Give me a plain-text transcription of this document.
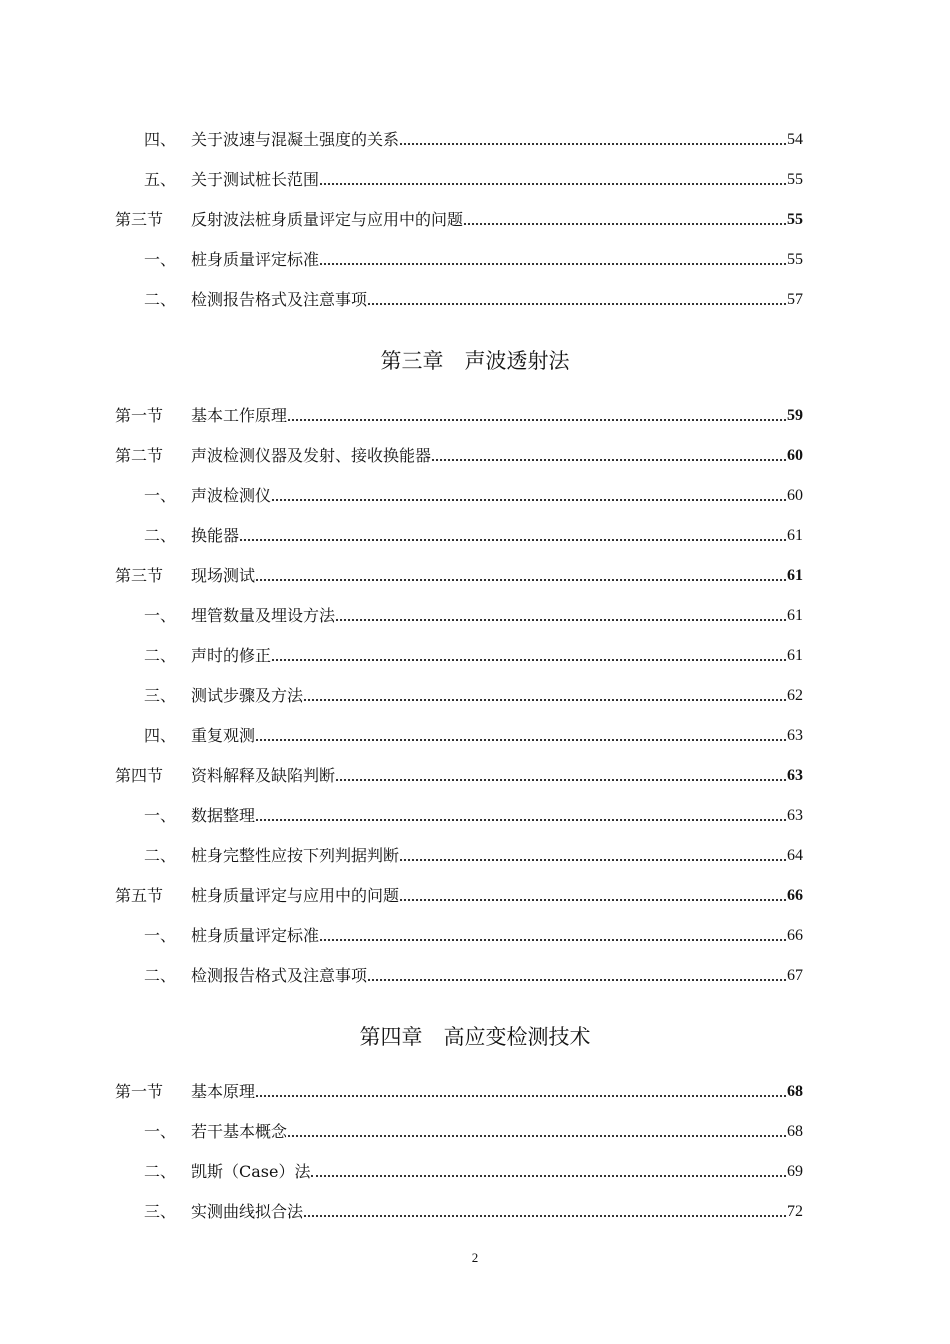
2
四、 关于波速与混凝土强度的关系	54
五、 关于测试桩长范围	55
第三节	反射波法桩身质量评定与应用中的问题	55
一、 桩身质量评定标准	55
二、 检测报告格式及注意事项	57
第三章　声波透射法
第一节	基本工作原理	59
第二节	声波检测仪器及发射、接收换能器	60
一、 声波检测仪	60
二、 换能器	61
第三节	现场测试	61
一、 埋管数量及埋设方法	61
二、 声时的修正	61
三、 测试步骤及方法	62
四、 重复观测	63
第四节	资料解释及缺陷判断	63
一、 数据整理	63
二、 桩身完整性应按下列判据判断	64
第五节	桩身质量评定与应用中的问题	66
一、 桩身质量评定标准	66
二、 检测报告格式及注意事项	67
第四章　高应变检测技术
第一节	基本原理	68
一、 若干基本概念	68
二、 凯斯（Case）法	69
三、 实测曲线拟合法	72
